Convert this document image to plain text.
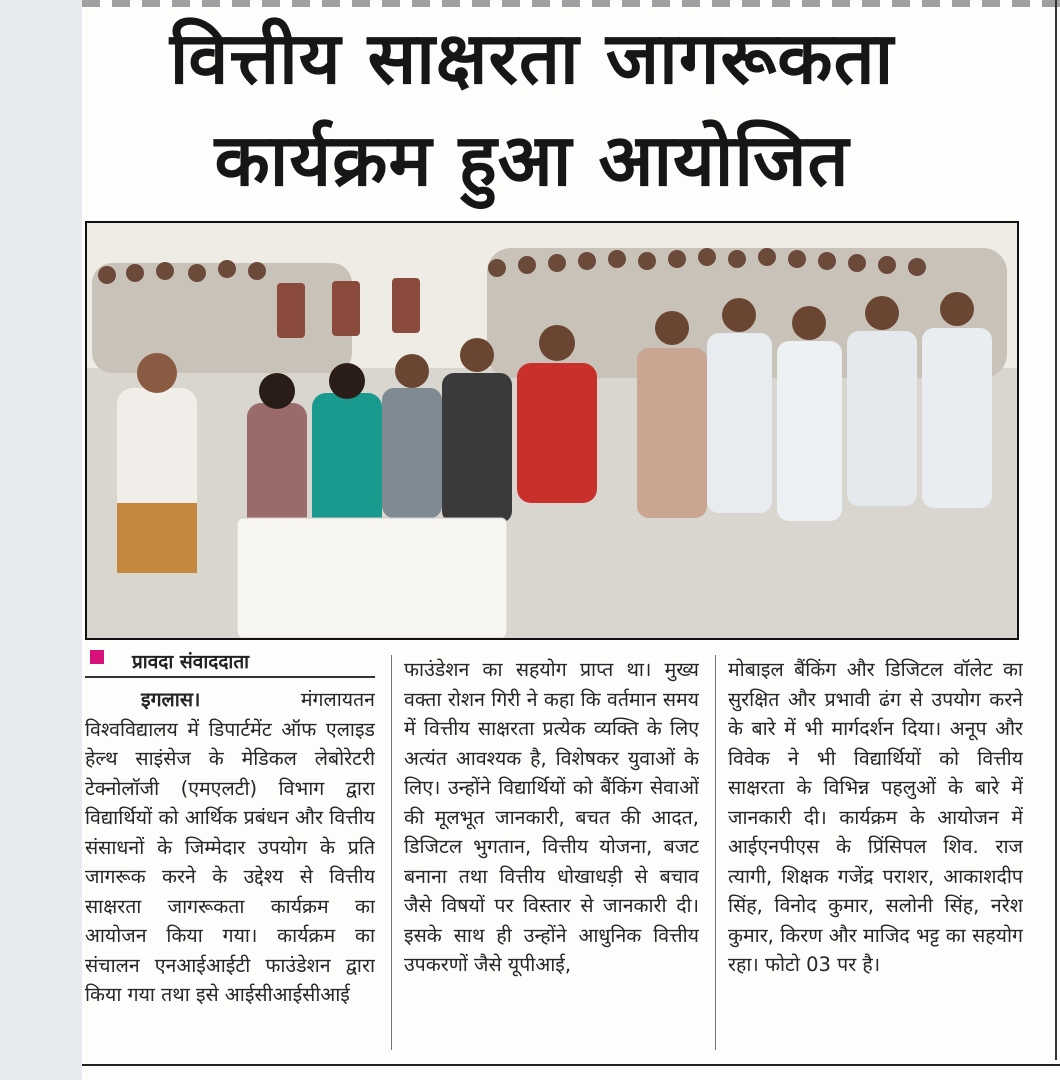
वित्तीय साक्षरता जागरूकता
कार्यक्रम हुआ आयोजित
प्रावदा संवाददाता

इगलास।	मंगलायतन विश्वविद्यालय में डिपार्टमेंट ऑफ एलाइड हेल्थ साइंसेज के मेडिकल लेबोरेटरी टेक्नोलॉजी (एमएलटी) विभाग द्वारा विद्यार्थियों को आर्थिक प्रबंधन और वित्तीय संसाधनों के जिम्मेदार उपयोग के प्रति जागरूक करने के उद्देश्य से वित्तीय साक्षरता जागरूकता कार्यक्रम का आयोजन किया गया। कार्यक्रम का संचालन एनआईआईटी फाउंडेशन द्वारा किया गया तथा इसे आईसीआईसीआई

फाउंडेशन का सहयोग प्राप्त था। मुख्य वक्ता रोशन गिरी ने कहा कि वर्तमान समय में वित्तीय साक्षरता प्रत्येक व्यक्ति के लिए अत्यंत आवश्यक है, विशेषकर युवाओं के लिए। उन्होंने विद्यार्थियों को बैंकिंग सेवाओं की मूलभूत जानकारी, बचत की आदत, डिजिटल भुगतान, वित्तीय योजना, बजट बनाना तथा वित्तीय धोखाधड़ी से बचाव जैसे विषयों पर विस्तार से जानकारी दी। इसके साथ ही उन्होंने आधुनिक वित्तीय उपकरणों जैसे यूपीआई,

मोबाइल बैंकिंग और डिजिटल वॉलेट का सुरक्षित और प्रभावी ढंग से उपयोग करने के बारे में भी मार्गदर्शन दिया। अनूप और विवेक ने भी विद्यार्थियों को वित्तीय साक्षरता के विभिन्न पहलुओं के बारे में जानकारी दी। कार्यक्रम के आयोजन में आईएनपीएस के प्रिंसिपल शिव. राज त्यागी, शिक्षक गजेंद्र पराशर, आकाशदीप सिंह, विनोद कुमार, सलोनी सिंह, नरेश कुमार, किरण और माजिद भट्ट का सहयोग रहा। फोटो 03 पर है।
